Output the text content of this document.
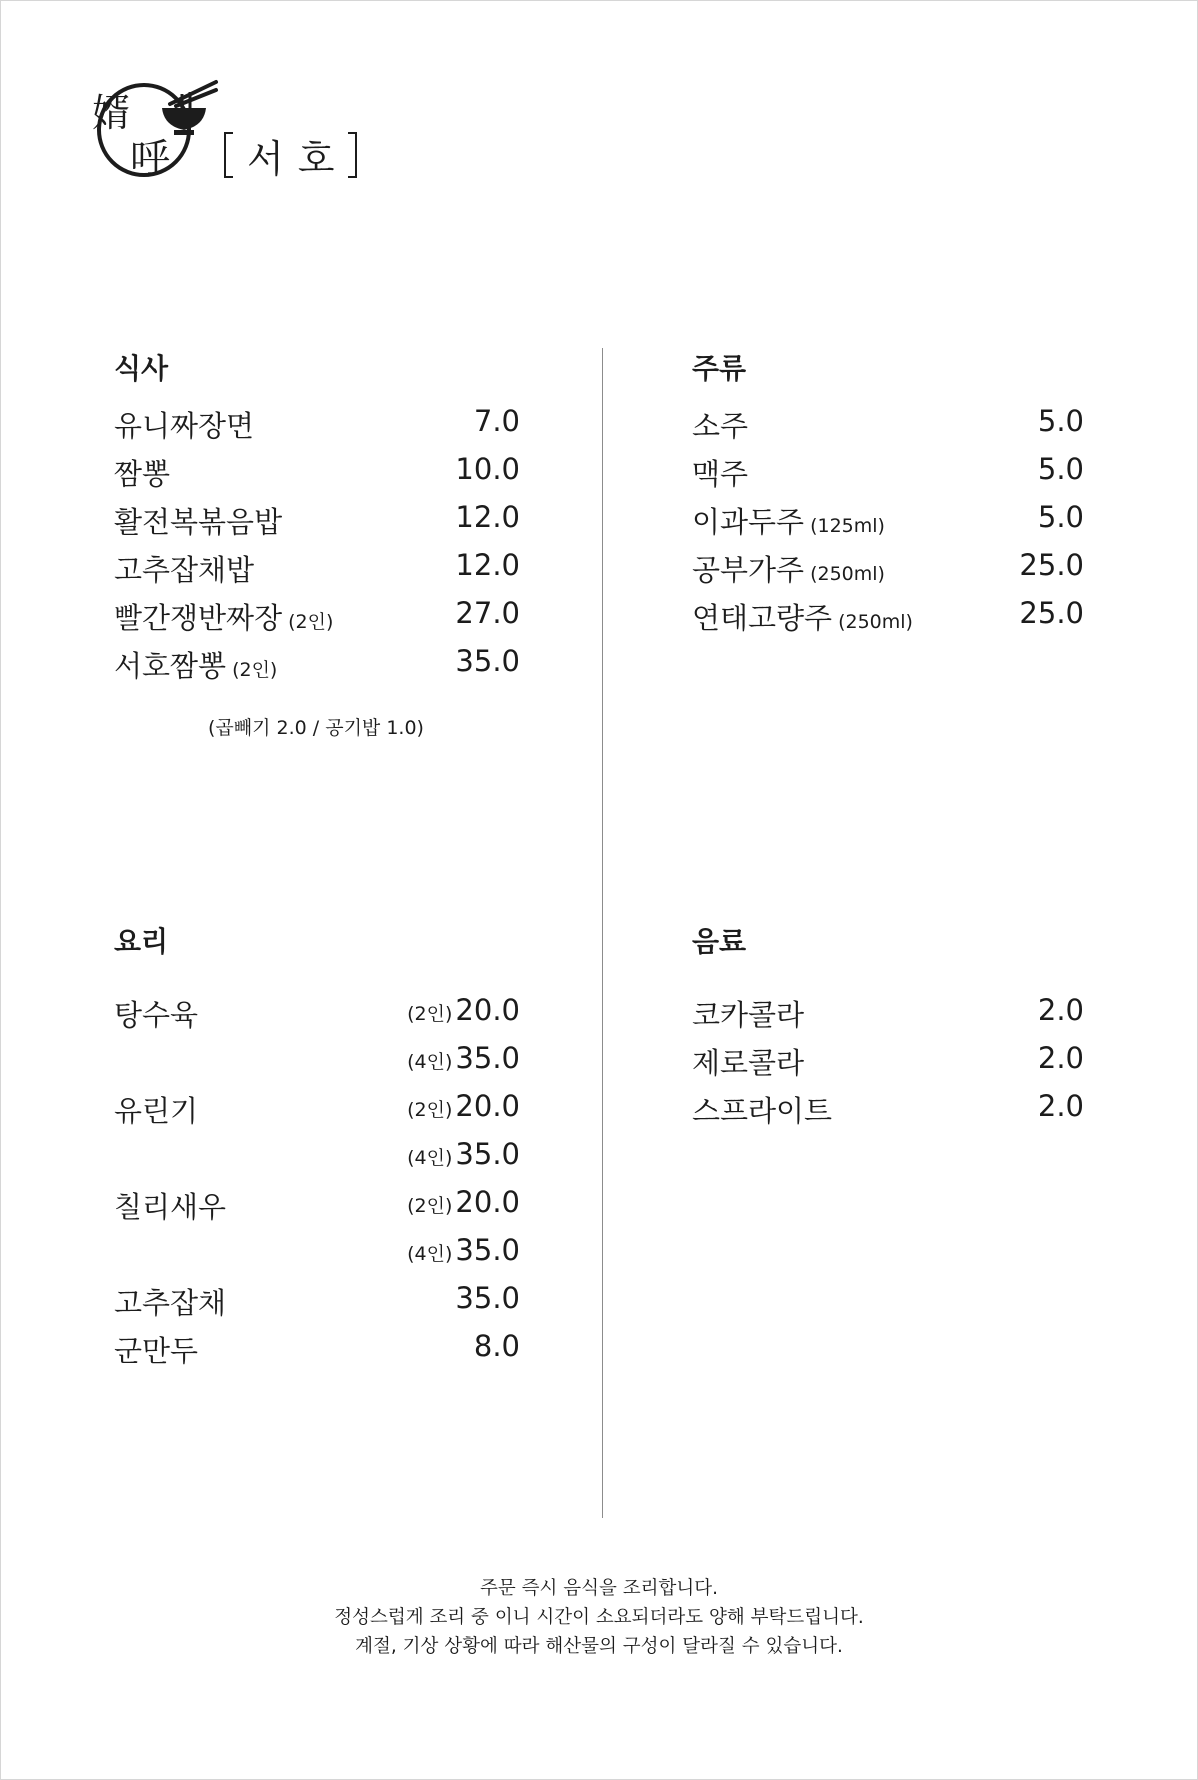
婿
呼	서호
식사
유니짜장면	7.0
짬뽕	10.0
활전복볶음밥	12.0
고추잡채밥	12.0
빨간쟁반짜장 (2인)	27.0
서호짬뽕 (2인)	35.0
(곱빼기 2.0 / 공기밥 1.0)
주류
소주	5.0
맥주	5.0
이과두주 (125ml)	5.0
공부가주 (250ml)	25.0
연태고량주 (250ml)	25.0
요리
탕수육	(2인) 20.0
(4인) 35.0
유린기	(2인) 20.0
(4인) 35.0
칠리새우	(2인) 20.0
(4인) 35.0
고추잡채	35.0
군만두	8.0
음료
코카콜라	2.0
제로콜라	2.0
스프라이트	2.0
주문 즉시 음식을 조리합니다.
정성스럽게 조리 중 이니 시간이 소요되더라도 양해 부탁드립니다.
계절, 기상 상황에 따라 해산물의 구성이 달라질 수 있습니다.
